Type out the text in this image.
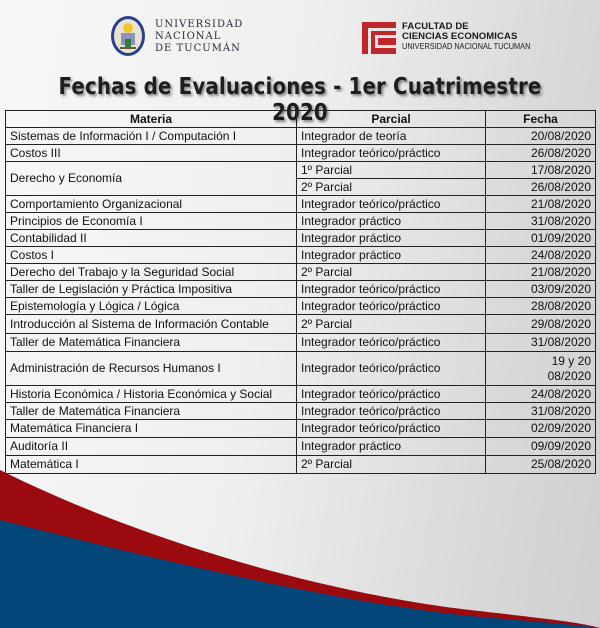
UNIVERSIDAD
NACIONAL
DE TUCUMÁN
FACULTAD DE
CIENCIAS ECONOMICAS
UNIVERSIDAD NACIONAL TUCUMAN
Fechas de Evaluaciones - 1er Cuatrimestre 2020
Materia	Parcial	Fecha
Sistemas de Información I / Computación I	Integrador de teoría	20/08/2020
Costos III	Integrador teórico/práctico	26/08/2020
Derecho y Economía	1º Parcial	17/08/2020
	2º Parcial	26/08/2020
Comportamiento Organizacional	Integrador teórico/práctico	21/08/2020
Principios de Economía I	Integrador práctico	31/08/2020
Contabilidad II	Integrador práctico	01/09/2020
Costos I	Integrador práctico	24/08/2020
Derecho del Trabajo y la Seguridad Social	2º Parcial	21/08/2020
Taller de Legislación y Práctica Impositiva	Integrador teórico/práctico	03/09/2020
Epistemología y Lógica / Lógica	Integrador teórico/práctico	28/08/2020
Introducción al Sistema de Información Contable	2º Parcial	29/08/2020
Taller de Matemática Financiera	Integrador teórico/práctico	31/08/2020
Administración de Recursos Humanos I	Integrador teórico/práctico	19 y 20
08/2020

Historia Económica / Historia Económica y Social	Integrador teórico/práctico	24/08/2020
Taller de Matemática Financiera	Integrador teórico/práctico	31/08/2020
Matemática Financiera I	Integrador teórico/práctico	02/09/2020
Auditoría II	Integrador práctico	09/09/2020
Matemática I	2º Parcial	25/08/2020
